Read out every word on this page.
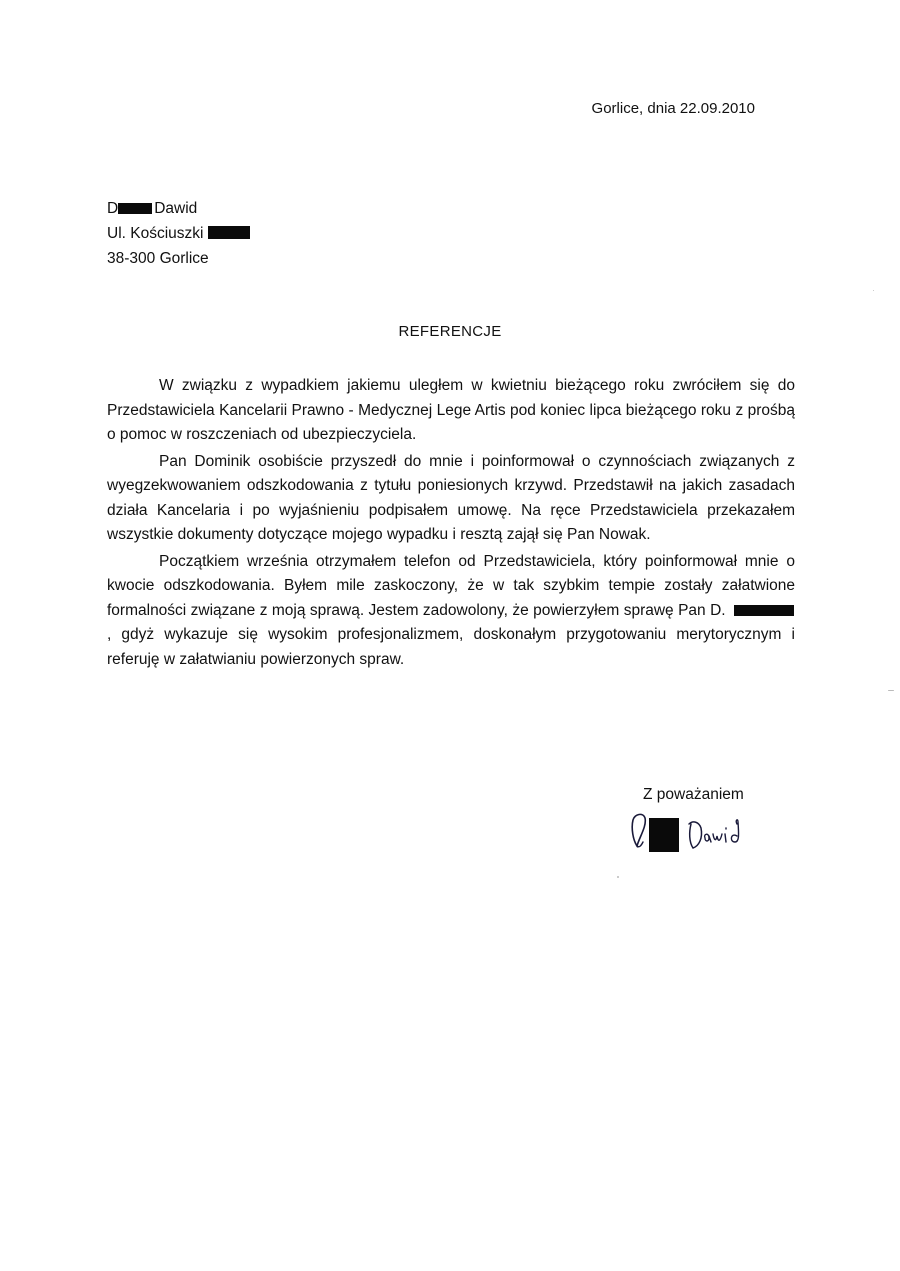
Gorlice, dnia 22.09.2010
D Dawid
Ul. Kościuszki
38-300 Gorlice
REFERENCJE

W związku z wypadkiem jakiemu uległem w kwietniu bieżącego roku zwróciłem się do Przedstawiciela Kancelarii Prawno - Medycznej Lege Artis pod koniec lipca bieżącego roku z prośbą o pomoc w roszczeniach od ubezpieczyciela.

Pan Dominik osobiście przyszedł do mnie i poinformował o czynnościach związanych z wyegzekwowaniem odszkodowania z tytułu poniesionych krzywd. Przedstawił na jakich zasadach działa Kancelaria i po wyjaśnieniu podpisałem umowę. Na ręce Przedstawiciela przekazałem wszystkie dokumenty dotyczące mojego wypadku i resztą zajął się Pan Nowak.

Początkiem września otrzymałem telefon od Przedstawiciela, który poinformował mnie o kwocie odszkodowania. Byłem mile zaskoczony, że w tak szybkim tempie zostały załatwione formalności związane z moją sprawą. Jestem zadowolony, że powierzyłem sprawę Pan D. , gdyż wykazuje się wysokim profesjonalizmem, doskonałym przygotowaniu merytorycznym i referuję w załatwianiu powierzonych spraw.

Z poważaniem
